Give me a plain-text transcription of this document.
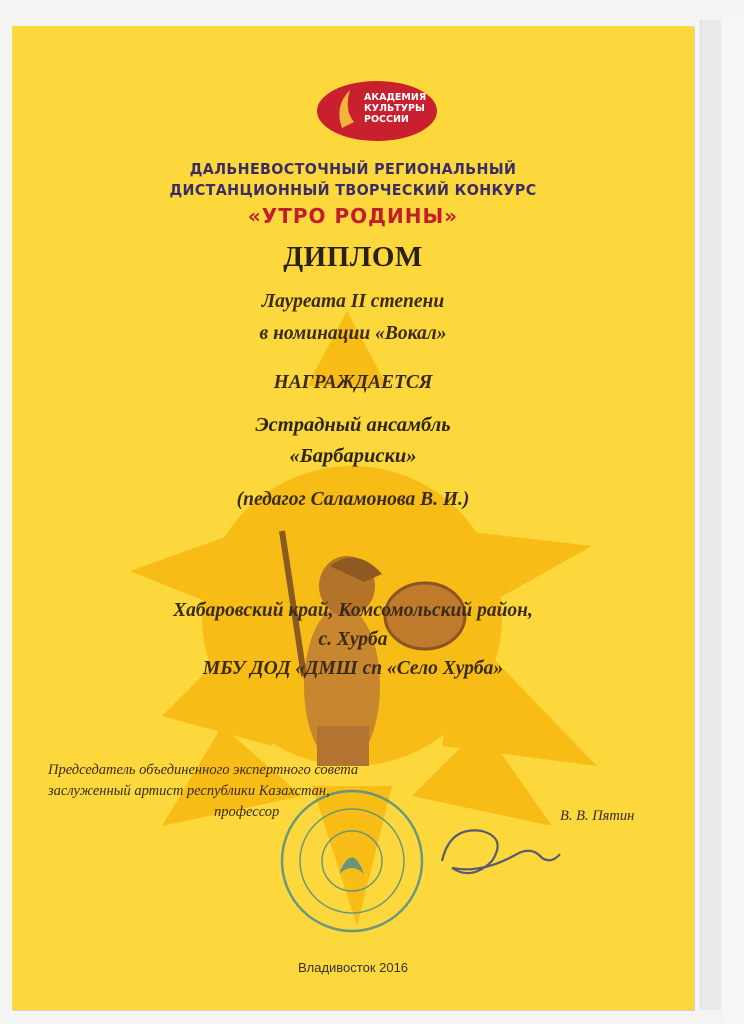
АКАДЕМИЯ
КУЛЬТУРЫ
РОССИИ
ДАЛЬНЕВОСТОЧНЫЙ РЕГИОНАЛЬНЫЙ
ДИСТАНЦИОННЫЙ ТВОРЧЕСКИЙ КОНКУРС
«УТРО РОДИНЫ»
ДИПЛОМ
Лауреата II степени
в номинации «Вокал»
НАГРАЖДАЕТСЯ
Эстрадный ансамбль
«Барбариски»
(педагог Саламонова В. И.)
Хабаровский край, Комсомольский район,
с. Хурба
МБУ ДОД «ДМШ сп «Село Хурба»
Председатель объединенного экспертного совета
заслуженный артист республики Казахстан,
профессор	В. В. Пятин
Владивосток 2016
